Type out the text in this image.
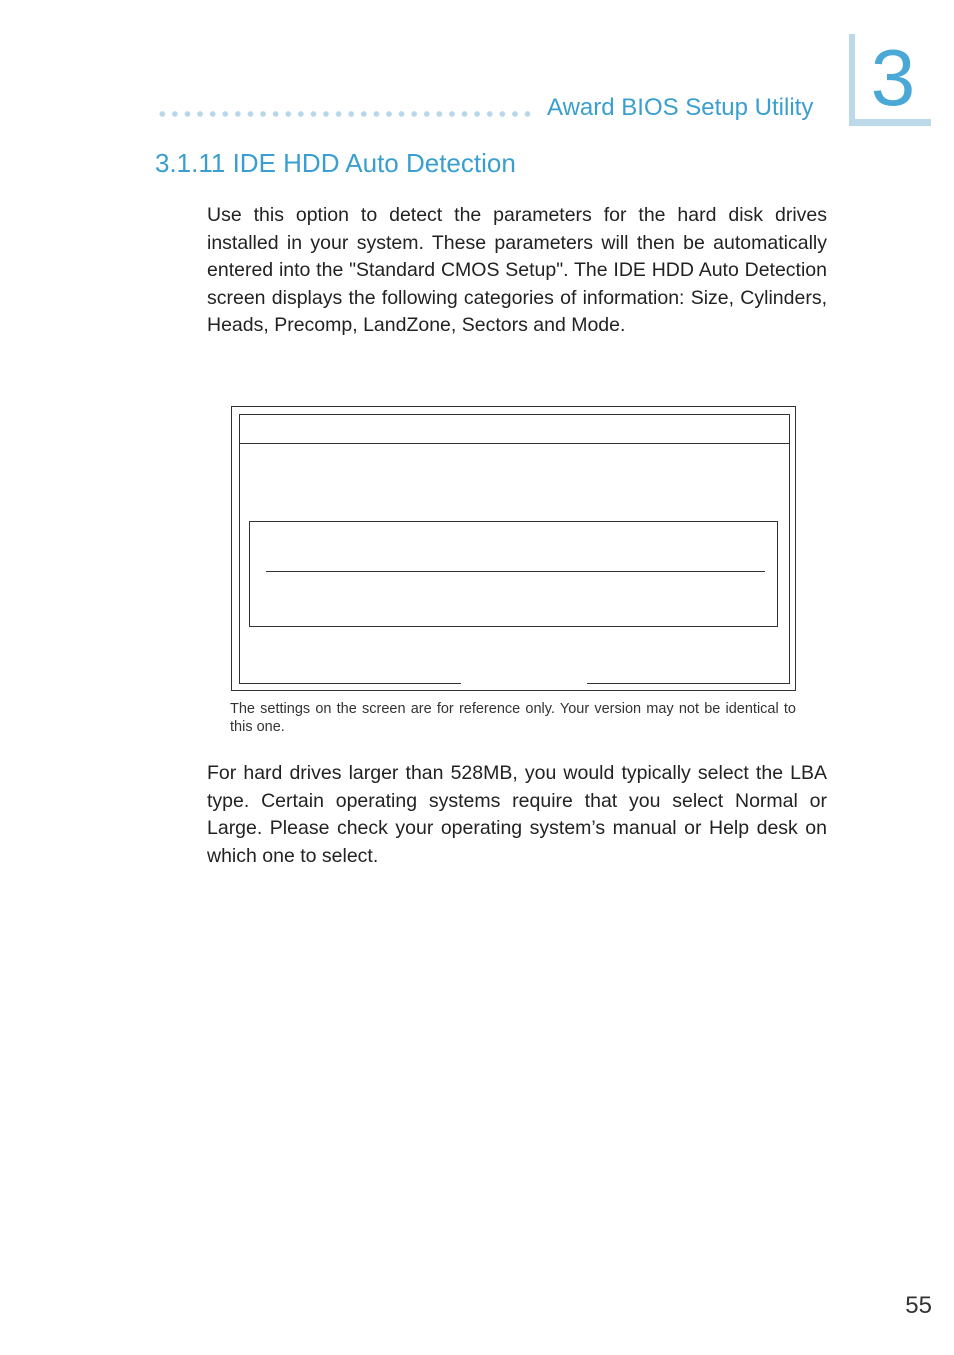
Award BIOS Setup Utility 3
3.1.11 IDE HDD Auto Detection
Use this option to detect the parameters for the hard disk drives installed in your system. These parameters will then be automatically entered into the "Standard CMOS Setup". The IDE HDD Auto Detection screen displays the following categories of information: Size, Cylinders, Heads, Precomp, LandZone, Sectors and Mode.
The settings on the screen are for reference only. Your version may not be identical to this one.
For hard drives larger than 528MB, you would typically select the LBA type. Certain operating systems require that you select Normal or Large. Please check your operating system’s manual or Help desk on which one to select.
55
